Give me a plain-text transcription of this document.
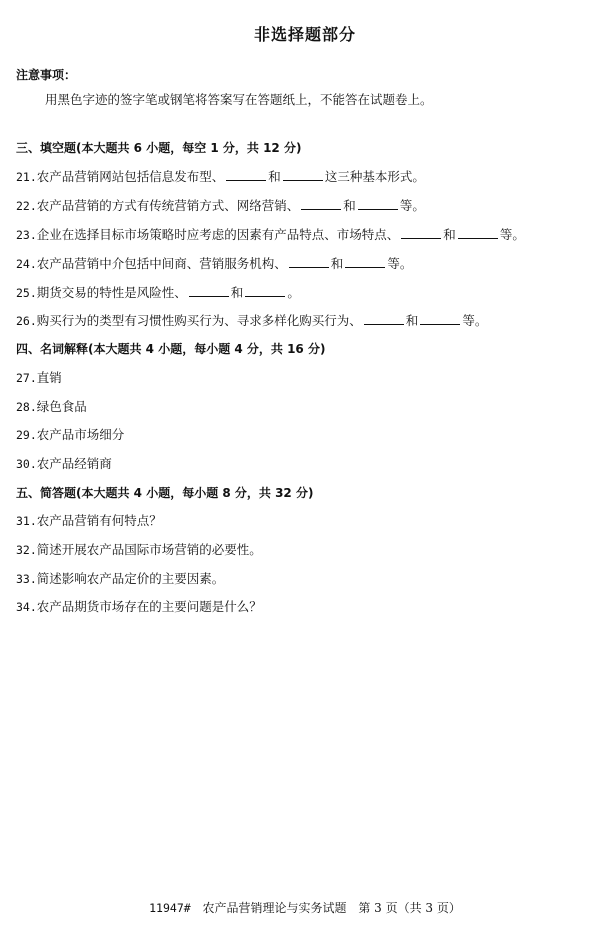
非选择题部分
注意事项：
用黑色字迹的签字笔或钢笔将答案写在答题纸上，不能答在试题卷上。
三、填空题(本大题共 6 小题，每空 1 分，共 12 分)
21.农产品营销网站包括信息发布型、	和	这三种基本形式。
22.农产品营销的方式有传统营销方式、网络营销、	和	等。
23.企业在选择目标市场策略时应考虑的因素有产品特点、市场特点、	和	等。
24.农产品营销中介包括中间商、营销服务机构、	和	等。
25.期货交易的特性是风险性、	和	。
26.购买行为的类型有习惯性购买行为、寻求多样化购买行为、	和	等。
四、名词解释(本大题共 4 小题，每小题 4 分，共 16 分)
27.直销
28.绿色食品
29.农产品市场细分
30.农产品经销商
五、简答题(本大题共 4 小题，每小题 8 分，共 32 分)
31.农产品营销有何特点？
32.简述开展农产品国际市场营销的必要性。
33.简述影响农产品定价的主要因素。
34.农产品期货市场存在的主要问题是什么？
11947# 农产品营销理论与实务试题 第 3 页（共 3 页）
